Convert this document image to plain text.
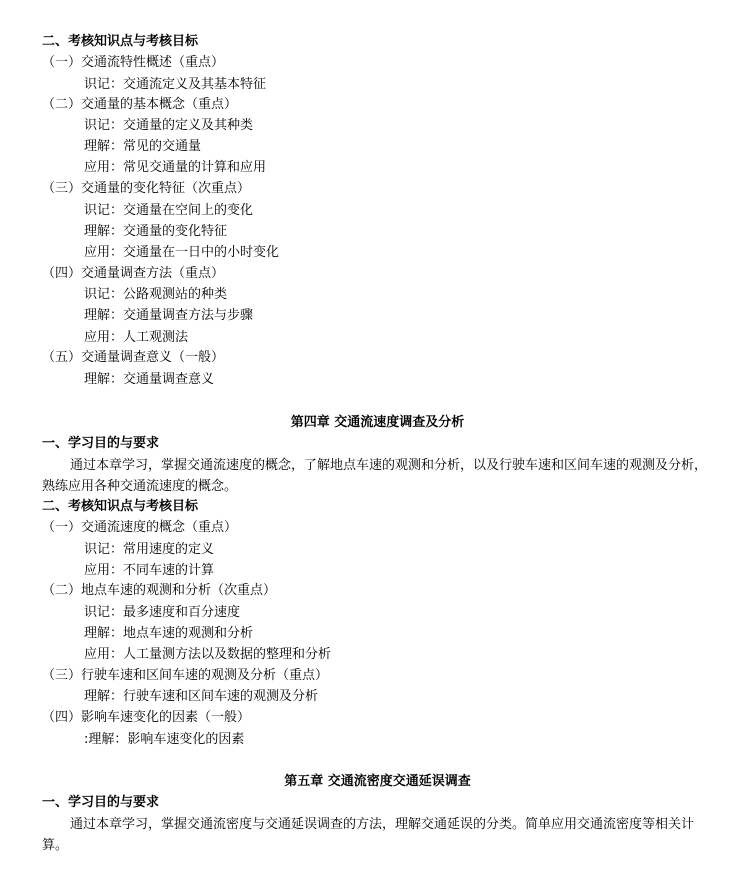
二、考核知识点与考核目标
（一）交通流特性概述（重点）
识记：交通流定义及其基本特征
（二）交通量的基本概念（重点）
识记：交通量的定义及其种类
理解：常见的交通量
应用：常见交通量的计算和应用
（三）交通量的变化特征（次重点）
识记：交通量在空间上的变化
理解：交通量的变化特征
应用：交通量在一日中的小时变化
（四）交通量调查方法（重点）
识记：公路观测站的种类
理解：交通量调查方法与步骤
应用：人工观测法
（五）交通量调查意义（一般）
理解：交通量调查意义
第四章 交通流速度调查及分析
一、学习目的与要求
通过本章学习，掌握交通流速度的概念，了解地点车速的观测和分析，以及行驶车速和区间车速的观测及分析，
熟练应用各种交通流速度的概念。
二、考核知识点与考核目标
（一）交通流速度的概念（重点）
识记：常用速度的定义
应用：不同车速的计算
（二）地点车速的观测和分析（次重点）
识记：最多速度和百分速度
理解：地点车速的观测和分析
应用：人工量测方法以及数据的整理和分析
（三）行驶车速和区间车速的观测及分析（重点）
理解：行驶车速和区间车速的观测及分析
（四）影响车速变化的因素（一般）
:理解：影响车速变化的因素
第五章 交通流密度交通延误调查
一、学习目的与要求
通过本章学习，掌握交通流密度与交通延误调查的方法，理解交通延误的分类。简单应用交通流密度等相关计
算。
